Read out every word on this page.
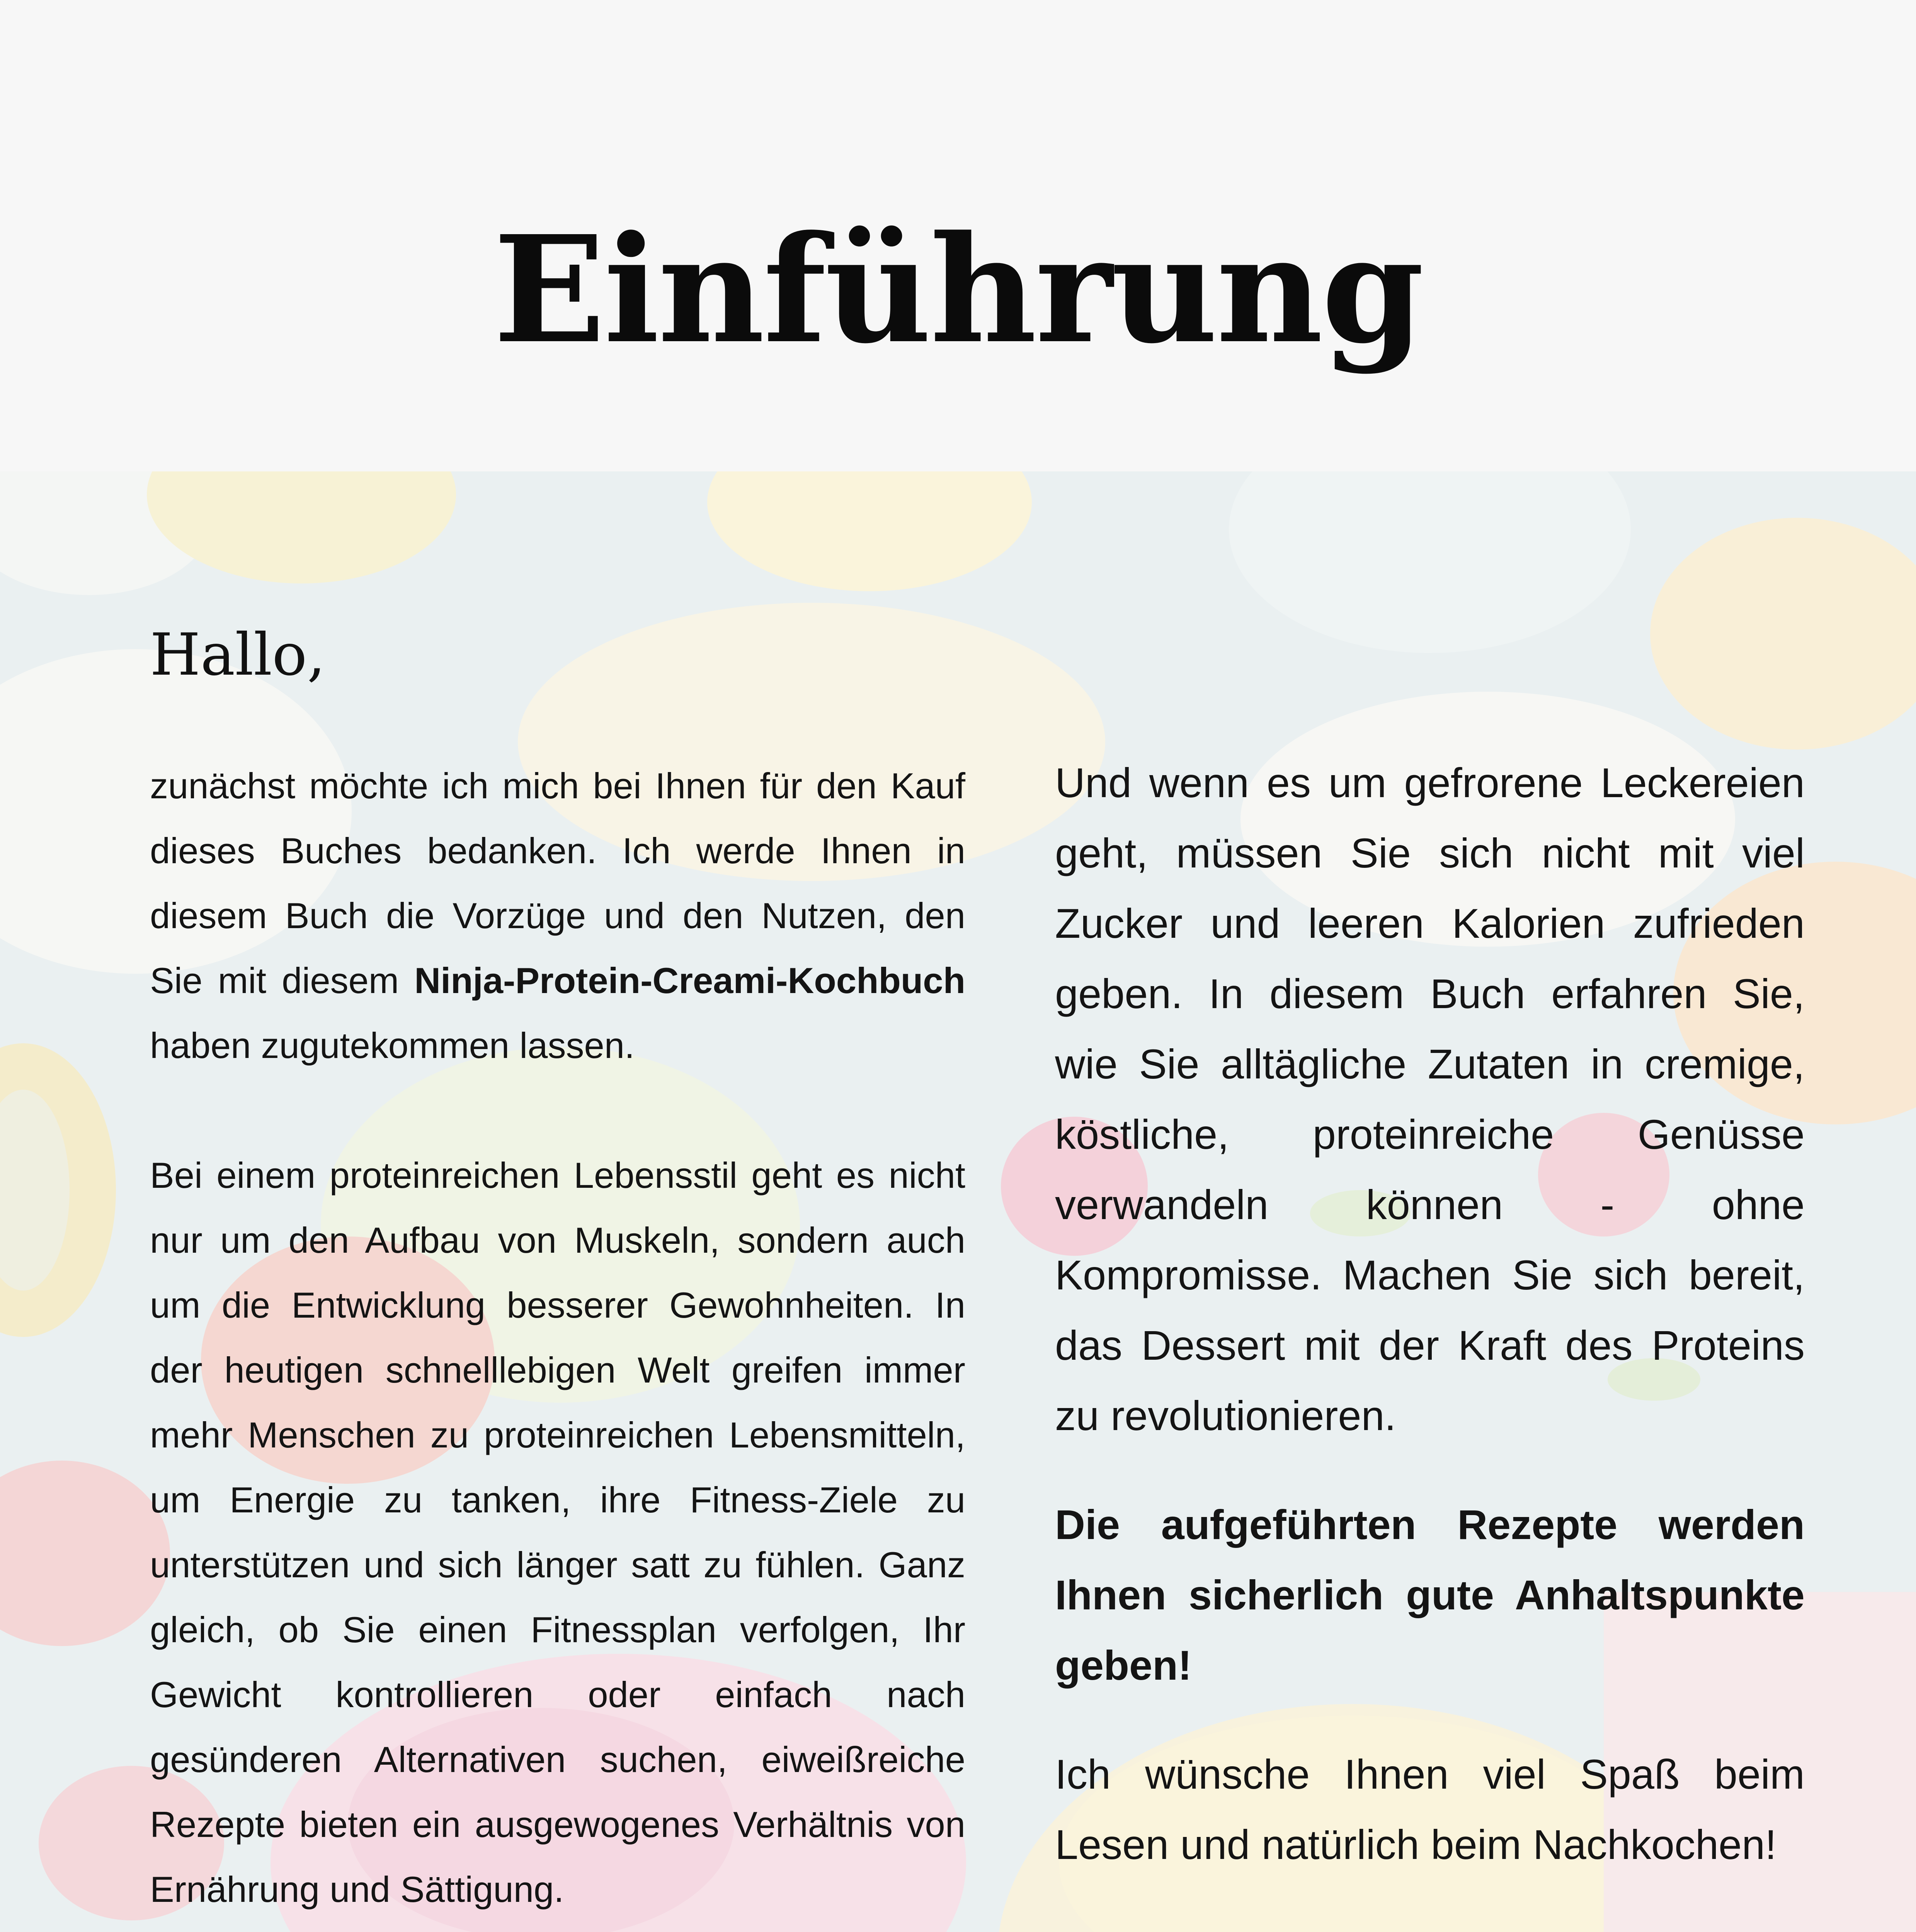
Einführung
Hallo,

zunächst möchte ich mich bei Ihnen für den Kauf dieses Buches bedanken. Ich werde Ihnen in diesem Buch die Vorzüge und den Nutzen, den Sie mit diesem Ninja-Protein-Creami-Kochbuch haben zugutekommen lassen.

Bei einem proteinreichen Lebensstil geht es nicht nur um den Aufbau von Muskeln, sondern auch um die Entwicklung besserer Gewohnheiten. In der heutigen schnelllebigen Welt greifen immer mehr Menschen zu proteinreichen Lebensmitteln, um Energie zu tanken, ihre Fitness-Ziele zu unterstützen und sich länger satt zu fühlen. Ganz gleich, ob Sie einen Fitnessplan verfolgen, Ihr Gewicht kontrollieren oder einfach nach gesünderen Alternativen suchen, eiweißreiche Rezepte bieten ein ausgewogenes Verhältnis von Ernährung und Sättigung.

Und wenn es um gefrorene Leckereien geht, müssen Sie sich nicht mit viel Zucker und leeren Kalorien zufrieden geben. In diesem Buch erfahren Sie, wie Sie alltägliche Zutaten in cremige, köstliche, proteinreiche Genüsse verwandeln können - ohne Kompromisse. Machen Sie sich bereit, das Dessert mit der Kraft des Proteins zu revolutionieren.

Die aufgeführten Rezepte werden Ihnen sicherlich gute Anhaltspunkte geben!

Ich wünsche Ihnen viel Spaß beim Lesen und natürlich beim Nachkochen!
